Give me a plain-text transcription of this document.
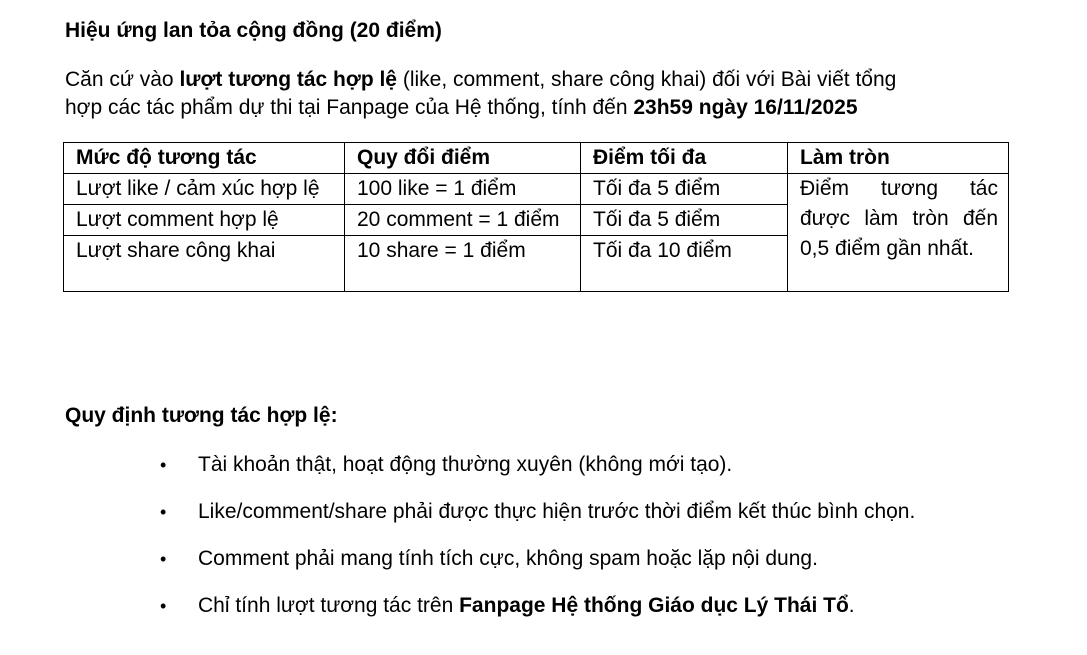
Hiệu ứng lan tỏa cộng đồng (20 điểm)
Căn cứ vào lượt tương tác hợp lệ (like, comment, share công khai) đối với Bài viết tổng
hợp các tác phẩm dự thi tại Fanpage của Hệ thống, tính đến 23h59 ngày 16/11/2025
Mức độ tương tác	Quy đổi điểm	Điểm tối đa	Làm tròn
Lượt like / cảm xúc hợp lệ	100 like = 1 điểm	Tối đa 5 điểm	Điểm tương tác được làm tròn đến 0,5 điểm gần nhất.
Lượt comment hợp lệ	20 comment = 1 điểm	Tối đa 5 điểm	
Lượt share công khai	10 share = 1 điểm	Tối đa 10 điểm	
Quy định tương tác hợp lệ:
• Tài khoản thật, hoạt động thường xuyên (không mới tạo).
• Like/comment/share phải được thực hiện trước thời điểm kết thúc bình chọn.
• Comment phải mang tính tích cực, không spam hoặc lặp nội dung.
• Chỉ tính lượt tương tác trên Fanpage Hệ thống Giáo dục Lý Thái Tổ.
